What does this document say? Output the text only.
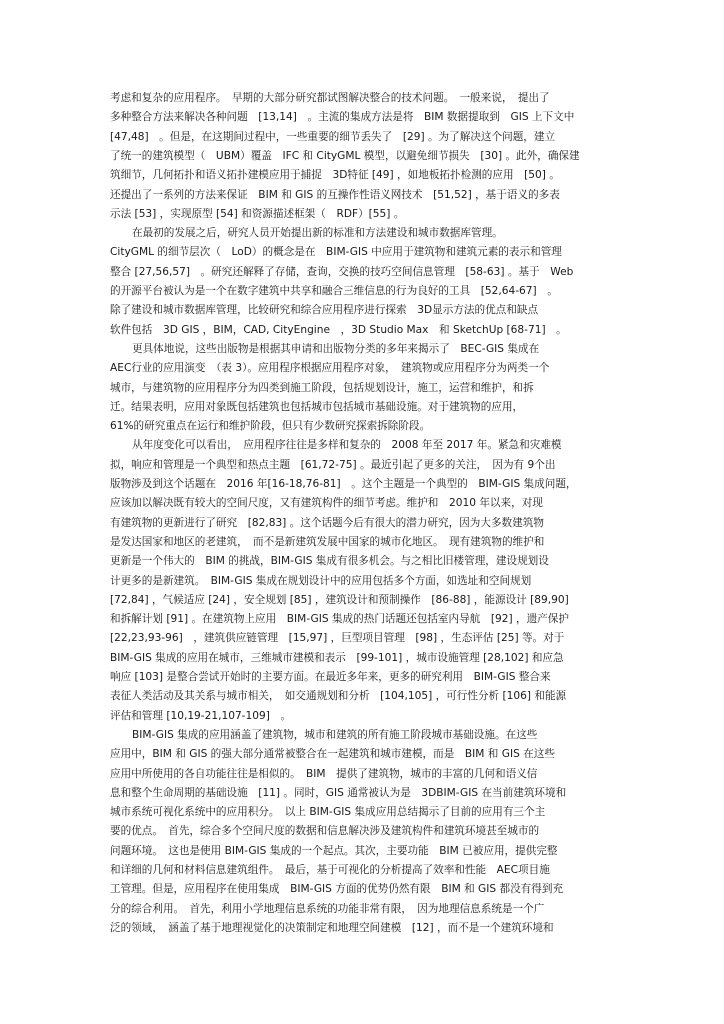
考虑和复杂的应用程序。　早期的大部分研究都试图解决整合的技术问题。　一般来说，　提出了
多种整合方法来解决各种问题　[13,14]　。主流的集成方法是将　BIM 数据提取到　GIS 上下文中
[47,48]　。但是，在这期间过程中，一些重要的细节丢失了　[29] 。为了解决这个问题，建立
了统一的建筑模型（　UBM）覆盖　IFC 和 CityGML 模型，以避免细节损失　[30] 。此外，确保建
筑细节，几何拓扑和语义拓扑建模应用于捕捉　3D特征 [49] ，如地板拓扑检测的应用　[50] 。
还提出了一系列的方法来保证　BIM 和 GIS 的互操作性语义网技术　[51,52] ，基于语义的多表
示法 [53] ，实现原型 [54] 和资源描述框架（　RDF）[55] 。
在最初的发展之后，研究人员开始提出新的标准和方法建设和城市数据库管理。
CityGML 的细节层次（　LoD）的概念是在　BIM-GIS 中应用于建筑物和建筑元素的表示和管理
整合 [27,56,57]　。研究还解释了存储，查询，交换的技巧空间信息管理　[58-63] 。基于　Web
的开源平台被认为是一个在数字建筑中共享和融合三维信息的行为良好的工具　[52,64-67]　。
除了建设和城市数据库管理，比较研究和综合应用程序进行探索　3D显示方法的优点和缺点
软件包括　3D GIS ，BIM，CAD, CityEngine　，3D Studio Max　和 SketchUp [68-71]　。
更具体地说，这些出版物是根据其申请和出版物分类的多年来揭示了　BEC-GIS 集成在
AEC行业的应用演变　（表 3）。应用程序根据应用程序对象，　建筑物或应用程序分为两类一个
城市，与建筑物的应用程序分为四类到施工阶段，包括规划设计，施工，运营和维护，和拆
迁。结果表明，应用对象既包括建筑也包括城市包括城市基础设施。对于建筑物的应用，
61%的研究重点在运行和维护阶段，但只有少数研究探索拆除阶段。
从年度变化可以看出，　应用程序往往是多样和复杂的　2008 年至 2017 年。紧急和灾难模
拟，响应和管理是一个典型和热点主题　[61,72-75] 。最近引起了更多的关注，　因为有 9个出
版物涉及到这个话题在　2016 年[16-18,76-81]　。这个主题是一个典型的　BIM-GIS 集成问题，
应该加以解决既有较大的空间尺度，又有建筑构件的细节考虑。维护和　2010 年以来，对现
有建筑物的更新进行了研究　[82,83] 。这个话题今后有很大的潜力研究，因为大多数建筑物
是发达国家和地区的老建筑，　而不是新建筑发展中国家的城市化地区。　现有建筑物的维护和
更新是一个伟大的　BIM 的挑战，BIM-GIS 集成有很多机会。与之相比旧楼管理，建设规划设
计更多的是新建筑。　BIM-GIS 集成在规划设计中的应用包括多个方面，如选址和空间规划
[72,84] ，气候适应 [24] ，安全规划 [85] ，建筑设计和预制操作　[86-88] ，能源设计 [89,90]
和拆解计划 [91] 。在建筑物上应用　BIM-GIS 集成的热门话题还包括室内导航　[92] ，遗产保护
[22,23,93-96]　，建筑供应链管理　[15,97] ，巨型项目管理　[98] ，生态评估 [25] 等。对于
BIM-GIS 集成的应用在城市，三维城市建模和表示　[99-101] ，城市设施管理 [28,102] 和应急
响应 [103] 是整合尝试开始时的主要方面。在最近多年来，更多的研究利用　BIM-GIS 整合来
表征人类活动及其关系与城市相关，　如交通规划和分析　[104,105] ，可行性分析 [106] 和能源
评估和管理 [10,19-21,107-109]　。
BIM-GIS 集成的应用涵盖了建筑物，城市和建筑的所有施工阶段城市基础设施。在这些
应用中，BIM 和 GIS 的强大部分通常被整合在一起建筑和城市建模，而是　BIM 和 GIS 在这些
应用中所使用的各自功能往往是相似的。　BIM　提供了建筑物，城市的丰富的几何和语义信
息和整个生命周期的基础设施　[11] 。同时，GIS 通常被认为是　3DBIM-GIS 在当前建筑环境和
城市系统可视化系统中的应用积分。　以上 BIM-GIS 集成应用总结揭示了目前的应用有三个主
要的优点。　首先，综合多个空间尺度的数据和信息解决涉及建筑构件和建筑环境甚至城市的
问题环境。　这也是使用 BIM-GIS 集成的一个起点。其次，主要功能　BIM 已被应用，提供完整
和详细的几何和材料信息建筑组件。　最后，基于可视化的分析提高了效率和性能　AEC项目施
工管理。但是，应用程序在使用集成　BIM-GIS 方面的优势仍然有限　BIM 和 GIS 都没有得到充
分的综合利用。　首先，利用小学地理信息系统的功能非常有限，　因为地理信息系统是一个广
泛的领域，　涵盖了基于地理视觉化的决策制定和地理空间建模　[12] ，而不是一个建筑环境和
